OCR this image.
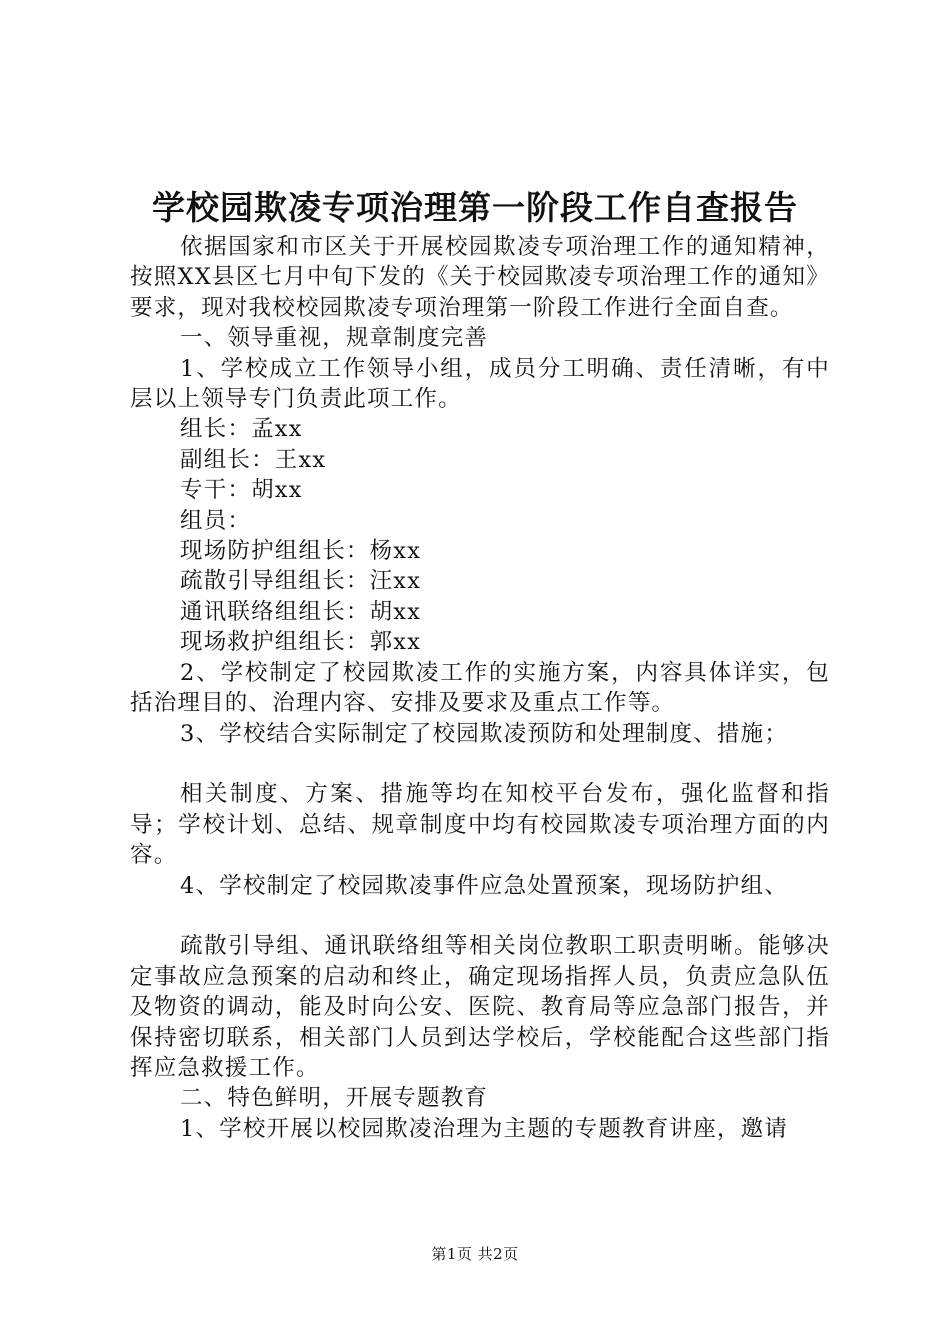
学校园欺凌专项治理第一阶段工作自查报告

依据国家和市区关于开展校园欺凌专项治理工作的通知精神，按照XX县区七月中旬下发的《关于校园欺凌专项治理工作的通知》要求，现对我校校园欺凌专项治理第一阶段工作进行全面自查。

一、领导重视，规章制度完善

1、学校成立工作领导小组，成员分工明确、责任清晰，有中层以上领导专门负责此项工作。

组长：孟xx

副组长：王xx

专干：胡xx

组员：

现场防护组组长：杨xx

疏散引导组组长：汪xx

通讯联络组组长：胡xx

现场救护组组长：郭xx

2、学校制定了校园欺凌工作的实施方案，内容具体详实，包括治理目的、治理内容、安排及要求及重点工作等。

3、学校结合实际制定了校园欺凌预防和处理制度、措施；

相关制度、方案、措施等均在知校平台发布，强化监督和指导；学校计划、总结、规章制度中均有校园欺凌专项治理方面的内容。

4、学校制定了校园欺凌事件应急处置预案，现场防护组、

疏散引导组、通讯联络组等相关岗位教职工职责明晰。能够决定事故应急预案的启动和终止，确定现场指挥人员，负责应急队伍及物资的调动，能及时向公安、医院、教育局等应急部门报告，并保持密切联系，相关部门人员到达学校后，学校能配合这些部门指挥应急救援工作。

二、特色鲜明，开展专题教育

1、学校开展以校园欺凌治理为主题的专题教育讲座，邀请

第1页 共2页
